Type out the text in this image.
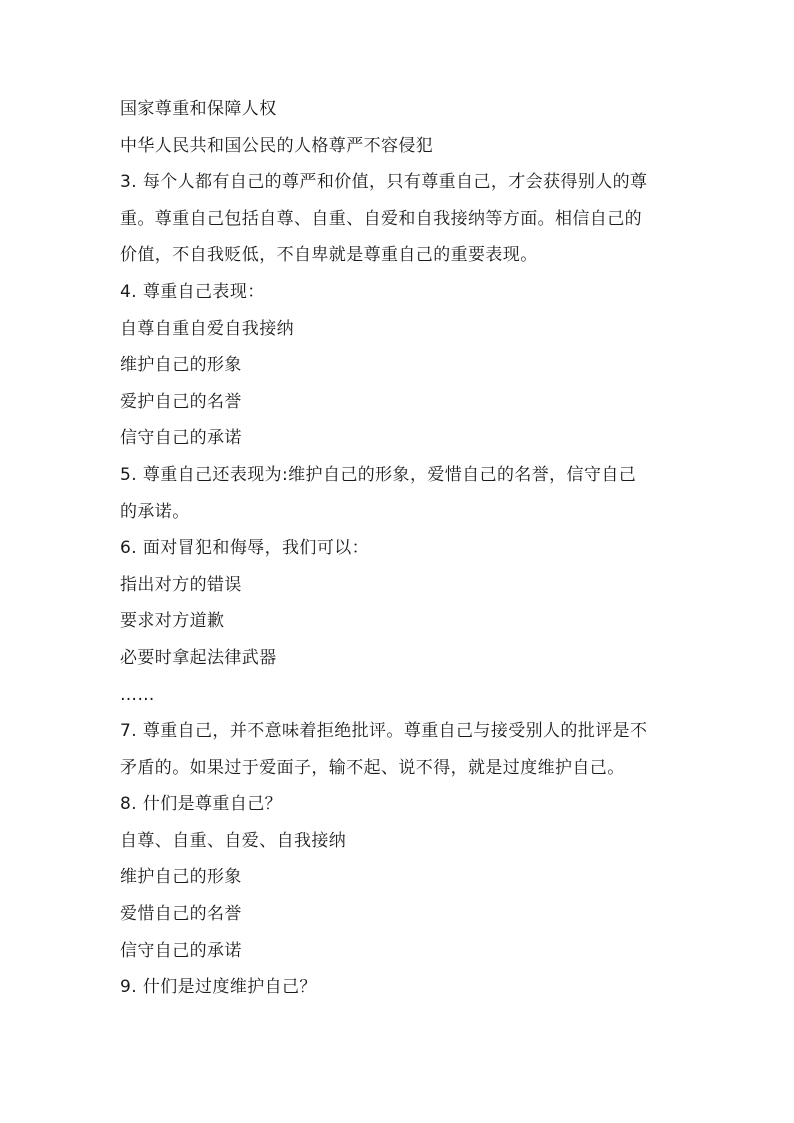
国家尊重和保障人权
中华人民共和国公民的人格尊严不容侵犯
3. 每个人都有自己的尊严和价值，只有尊重自己，才会获得别人的尊
重。尊重自己包括自尊、自重、自爱和自我接纳等方面。相信自己的
价值，不自我贬低，不自卑就是尊重自己的重要表现。
4. 尊重自己表现：
自尊自重自爱自我接纳
维护自己的形象
爱护自己的名誉
信守自己的承诺
5. 尊重自己还表现为:维护自己的形象，爱惜自己的名誉，信守自己
的承诺。
6. 面对冒犯和侮辱，我们可以：
指出对方的错误
要求对方道歉
必要时拿起法律武器
……
7. 尊重自己，并不意味着拒绝批评。尊重自己与接受别人的批评是不
矛盾的。如果过于爱面子，输不起、说不得，就是过度维护自己。
8. 什们是尊重自己？
自尊、自重、自爱、自我接纳
维护自己的形象
爱惜自己的名誉
信守自己的承诺
9. 什们是过度维护自己？
